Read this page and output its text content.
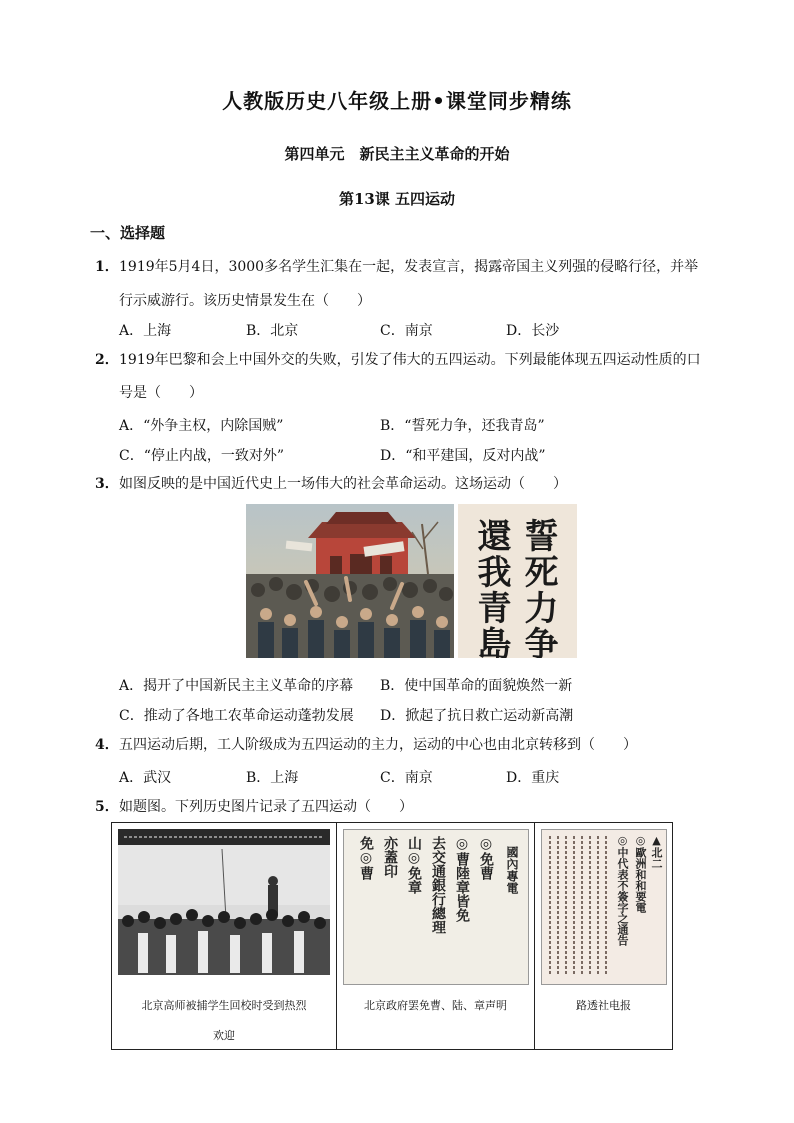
人教版历史八年级上册•课堂同步精练
第四单元　新民主主义革命的开始
第13课 五四运动
一、选择题
1．1919年5月4日，3000多名学生汇集在一起，发表宣言，揭露帝国主义列强的侵略行径，并举
行示威游行。该历史情景发生在（　　）
A．上海	B．北京	C．南京	D．长沙
2．1919年巴黎和会上中国外交的失败，引发了伟大的五四运动。下列最能体现五四运动性质的口
号是（　　）
A．“外争主权，内除国贼”	B．“誓死力争，还我青岛”
C．“停止内战，一致对外”	D．“和平建国，反对内战”
3．如图反映的是中国近代史上一场伟大的社会革命运动。这场运动（　　）
誓死力争
還我青島
A．揭开了中国新民主主义革命的序幕 B．使中国革命的面貌焕然一新
C．推动了各地工农革命运动蓬勃发展 D．掀起了抗日救亡运动新高潮
4．五四运动后期，工人阶级成为五四运动的主力，运动的中心也由北京转移到（　　）
A．武汉	B．上海	C．南京	D．重庆
5．如题图。下列历史图片记录了五四运动（　　）
北京高师被捕学生回校时受到热烈
欢迎
國內專電
◎免曹
◎曹陸章皆免
去交通銀行總理
山◎免章
亦蓋印
免◎曹
北京政府罢免曹、陆、章声明
▲北二
◎歐洲和和要電
◎中代表不簽字之通告
路透社电报
